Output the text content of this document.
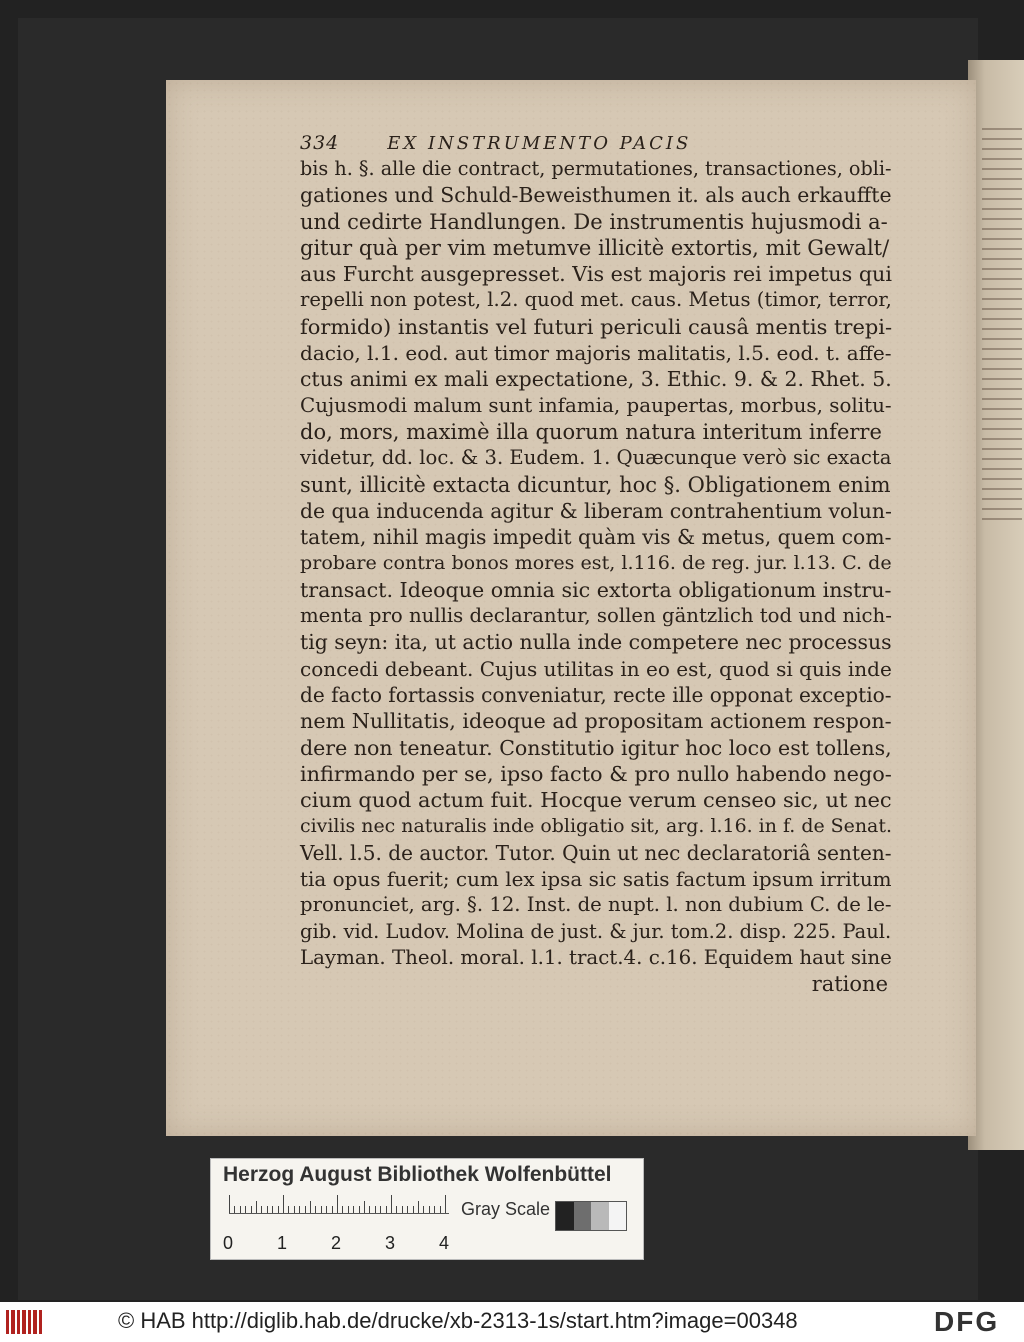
334	EX INSTRUMENTO PACIS
bis h. §. alle die contract, permutationes, transactiones, obli-
gationes und Schuld-Beweisthumen it. als auch erkauffte
und cedirte Handlungen. De instrumentis hujusmodi a-
gitur quà per vim metumve illicitè extortis, mit Gewalt/
aus Furcht ausgepresset. Vis est majoris rei impetus qui
repelli non potest, l.2. quod met. caus. Metus (timor, terror,
formido) instantis vel futuri periculi causâ mentis trepi-
dacio, l.1. eod. aut timor majoris malitatis, l.5. eod. t. affe-
ctus animi ex mali expectatione, 3. Ethic. 9. & 2. Rhet. 5.
Cujusmodi malum sunt infamia, paupertas, morbus, solitu-
do, mors, maximè illa quorum natura interitum inferre
videtur, dd. loc. & 3. Eudem. 1. Quæcunque verò sic exacta
sunt, illicitè extacta dicuntur, hoc §. Obligationem enim
de qua inducenda agitur & liberam contrahentium volun-
tatem, nihil magis impedit quàm vis & metus, quem com-
probare contra bonos mores est, l.116. de reg. jur. l.13. C. de
transact. Ideoque omnia sic extorta obligationum instru-
menta pro nullis declarantur, sollen gäntzlich tod und nich-
tig seyn: ita, ut actio nulla inde competere nec processus
concedi debeant. Cujus utilitas in eo est, quod si quis inde
de facto fortassis conveniatur, recte ille opponat exceptio-
nem Nullitatis, ideoque ad propositam actionem respon-
dere non teneatur. Constitutio igitur hoc loco est tollens,
infirmando per se, ipso facto & pro nullo habendo nego-
cium quod actum fuit. Hocque verum censeo sic, ut nec
civilis nec naturalis inde obligatio sit, arg. l.16. in f. de Senat.
Vell. l.5. de auctor. Tutor. Quin ut nec declaratoriâ senten-
tia opus fuerit; cum lex ipsa sic satis factum ipsum irritum
pronunciet, arg. §. 12. Inst. de nupt. l. non dubium C. de le-
gib. vid. Ludov. Molina de just. & jur. tom.2. disp. 225. Paul.
Layman. Theol. moral. l.1. tract.4. c.16. Equidem haut sine
ratione
Herzog August Bibliothek Wolfenbüttel
0 1 2 3 4
Gray Scale
© HAB http://diglib.hab.de/drucke/xb-2313-1s/start.htm?image=00348	DFG
